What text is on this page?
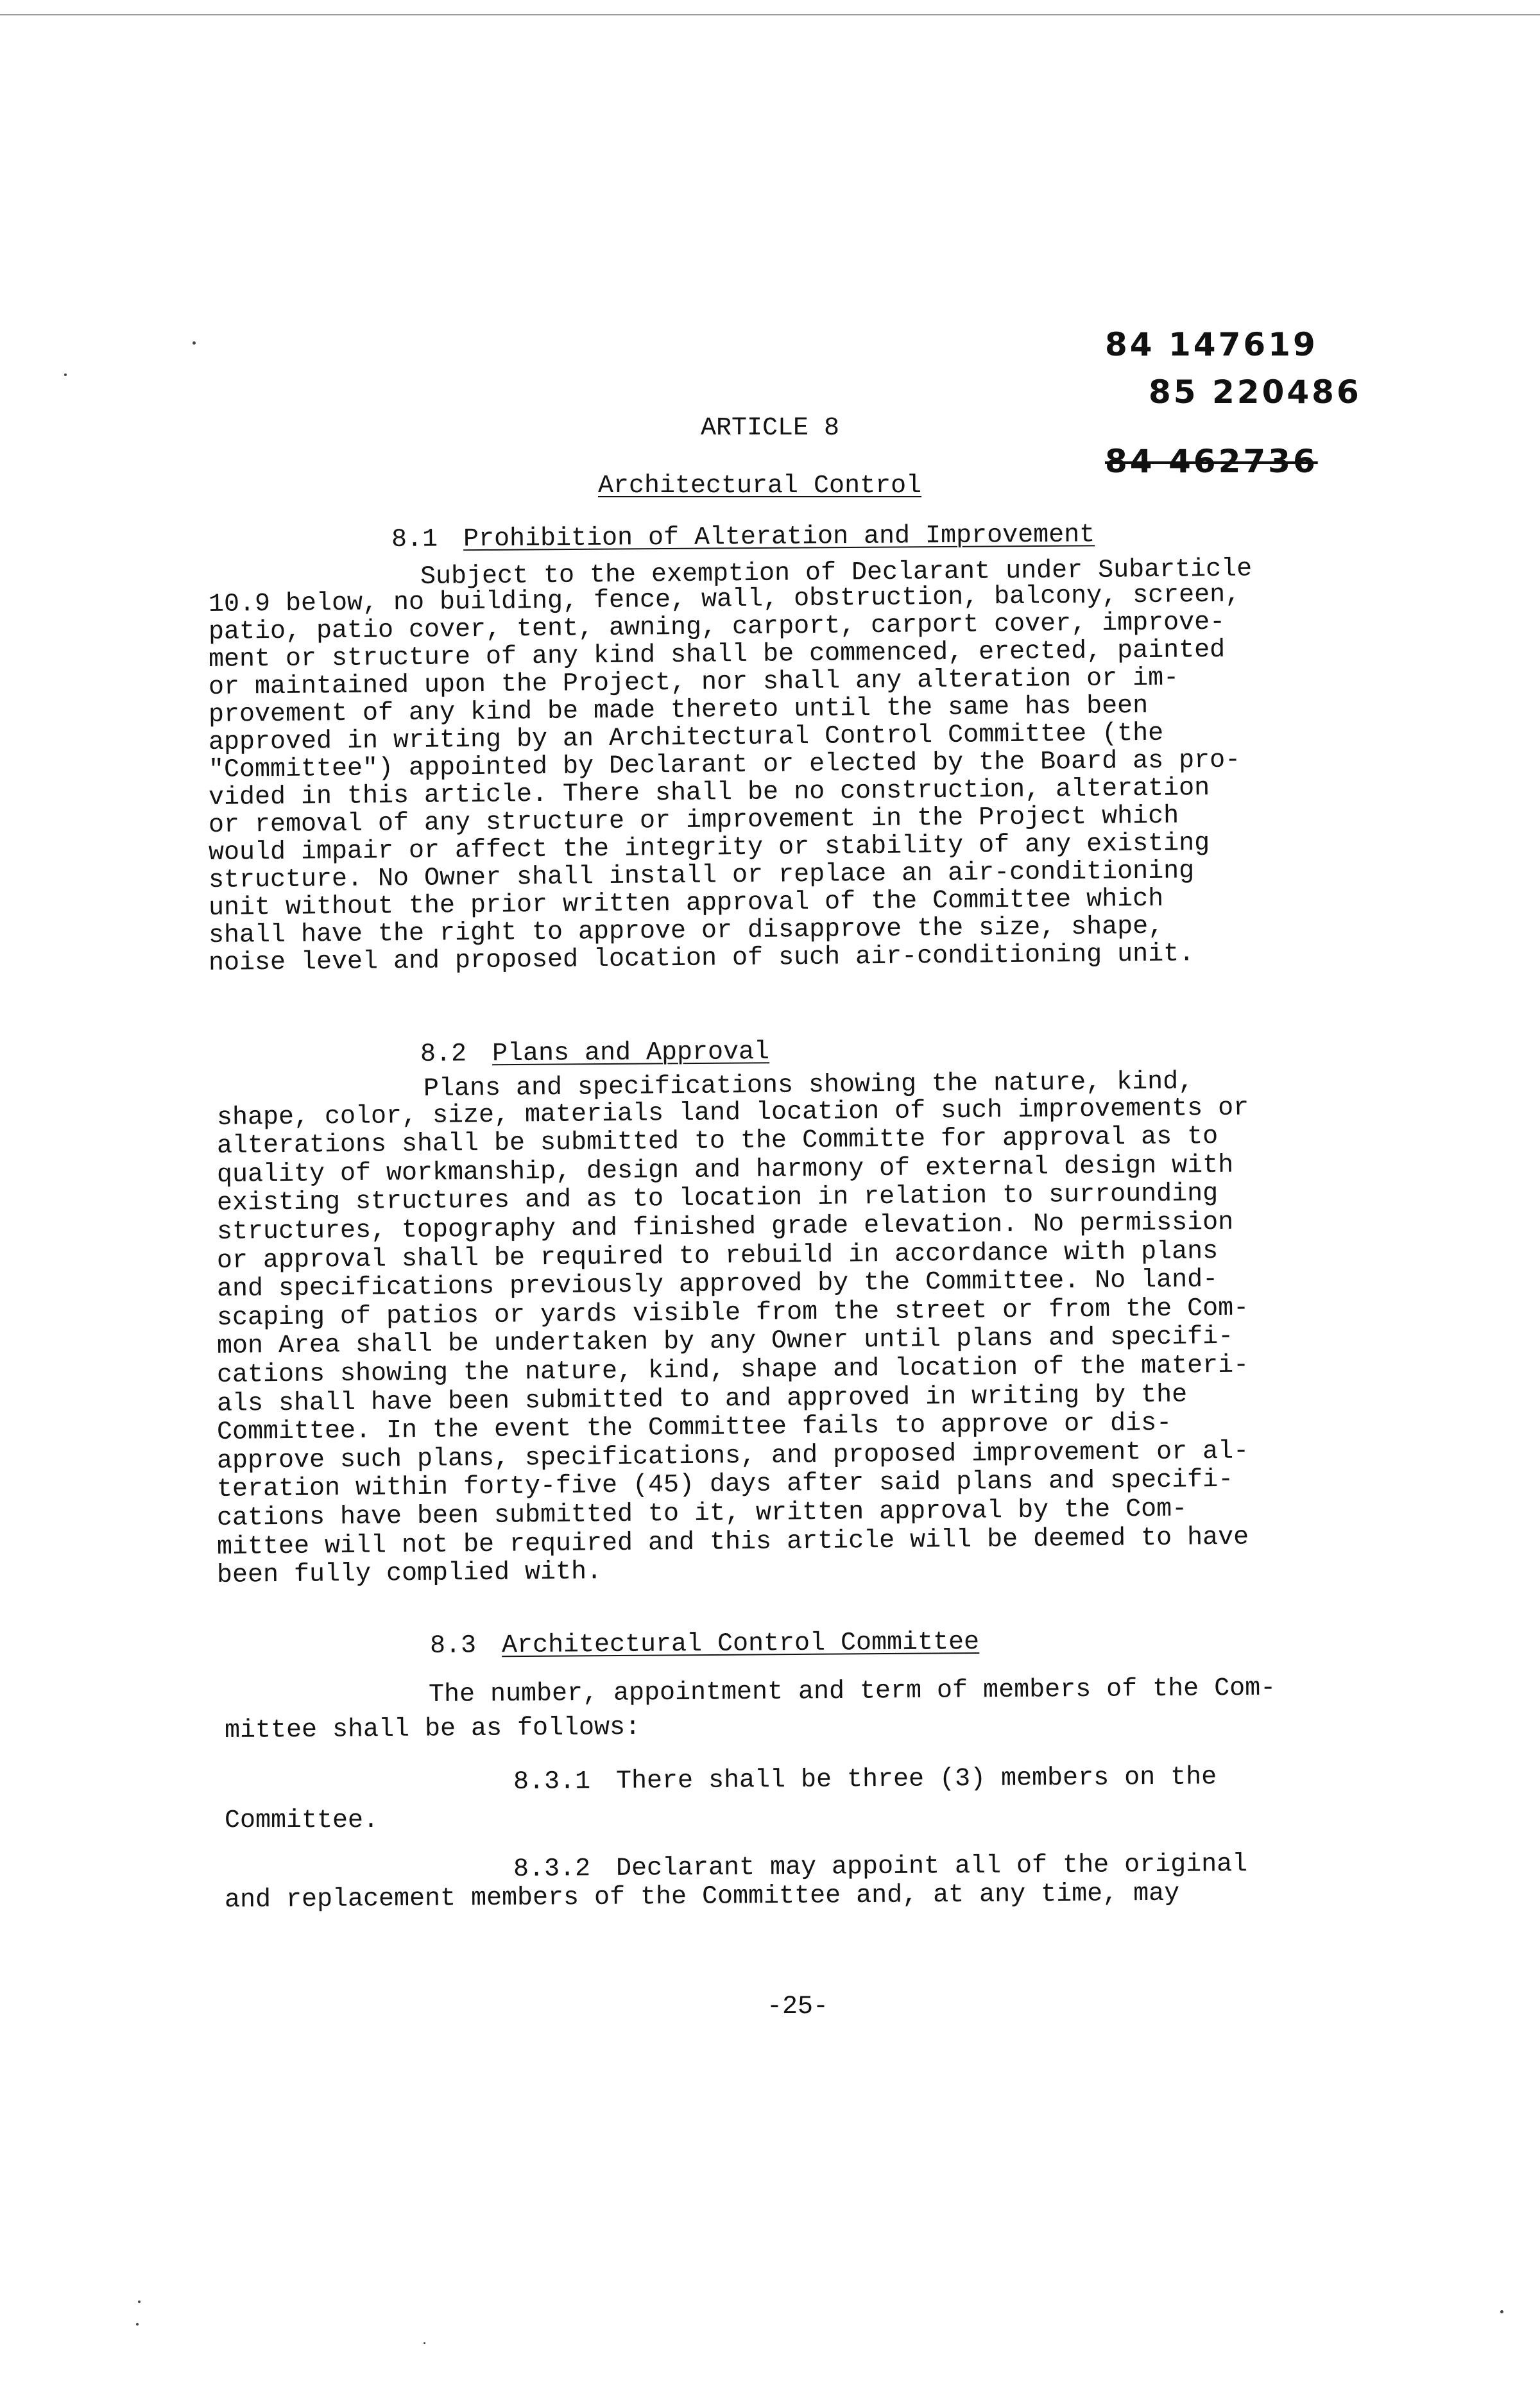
84 147619
85 220486
84 462736
ARTICLE 8
Architectural Control
8.1 Prohibition of Alteration and Improvement
Subject to the exemption of Declarant under Subarticle
10.9 below, no building, fence, wall, obstruction, balcony, screen,
patio, patio cover, tent, awning, carport, carport cover, improve-
ment or structure of any kind shall be commenced, erected, painted
or maintained upon the Project, nor shall any alteration or im-
provement of any kind be made thereto until the same has been
approved in writing by an Architectural Control Committee (the
"Committee") appointed by Declarant or elected by the Board as pro-
vided in this article. There shall be no construction, alteration
or removal of any structure or improvement in the Project which
would impair or affect the integrity or stability of any existing
structure. No Owner shall install or replace an air-conditioning
unit without the prior written approval of the Committee which
shall have the right to approve or disapprove the size, shape,
noise level and proposed location of such air-conditioning unit.
8.2 Plans and Approval
Plans and specifications showing the nature, kind,
shape, color, size, materials land location of such improvements or
alterations shall be submitted to the Committe for approval as to
quality of workmanship, design and harmony of external design with
existing structures and as to location in relation to surrounding
structures, topography and finished grade elevation. No permission
or approval shall be required to rebuild in accordance with plans
and specifications previously approved by the Committee. No land-
scaping of patios or yards visible from the street or from the Com-
mon Area shall be undertaken by any Owner until plans and specifi-
cations showing the nature, kind, shape and location of the materi-
als shall have been submitted to and approved in writing by the
Committee. In the event the Committee fails to approve or dis-
approve such plans, specifications, and proposed improvement or al-
teration within forty-five (45) days after said plans and specifi-
cations have been submitted to it, written approval by the Com-
mittee will not be required and this article will be deemed to have
been fully complied with.
8.3 Architectural Control Committee
The number, appointment and term of members of the Com-
mittee shall be as follows:
8.3.1 There shall be three (3) members on the
Committee.
8.3.2 Declarant may appoint all of the original
and replacement members of the Committee and, at any time, may
-25-
